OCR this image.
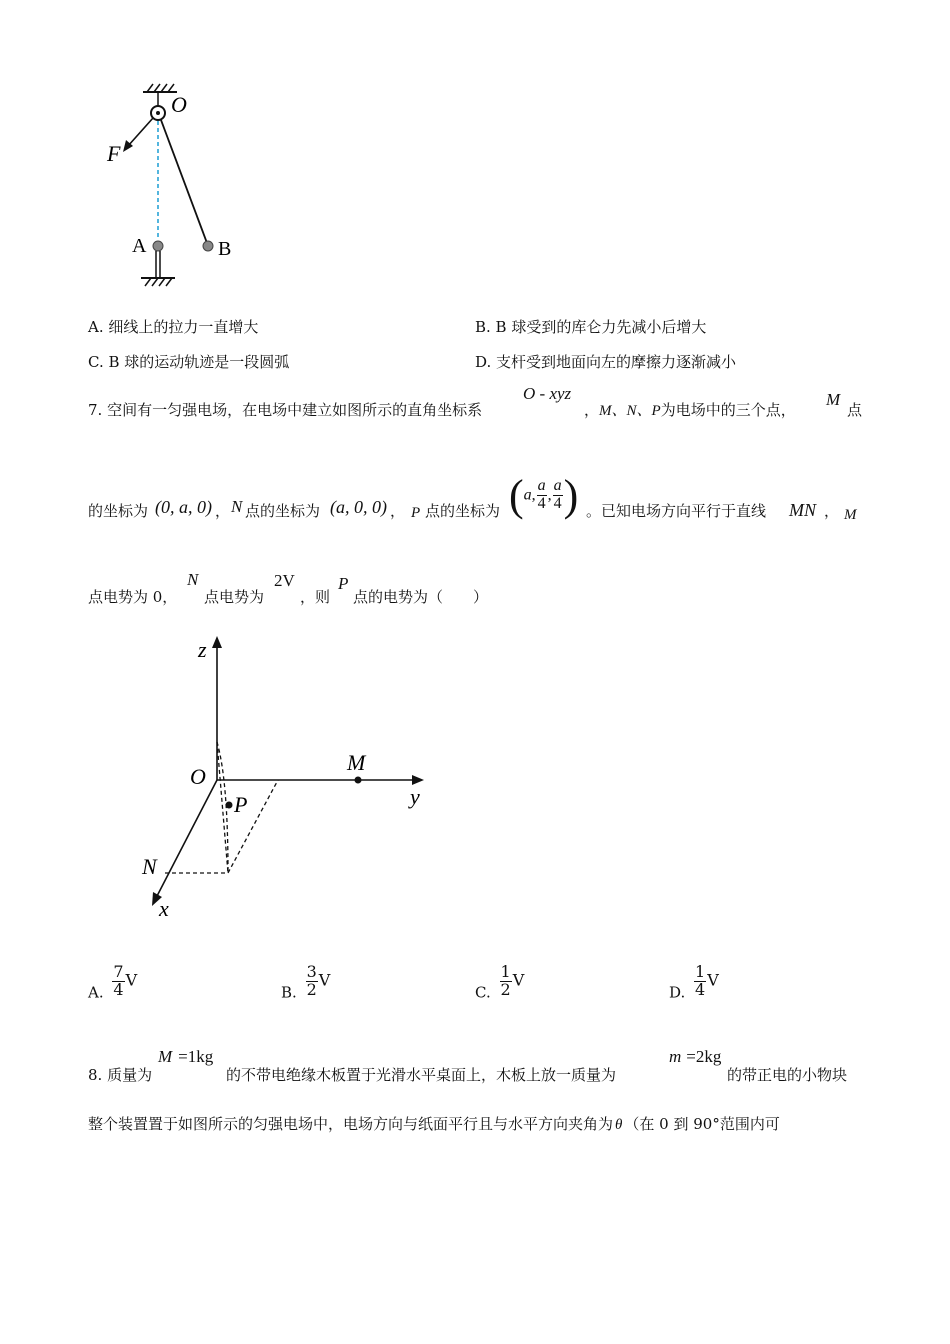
O
F
A	B
A. 细线上的拉力一直增大	B. B 球受到的库仑力先减小后增大
C. B 球的运动轨迹是一段圆弧	D. 支杆受到地面向左的摩擦力逐渐减小
7. 空间有一匀强电场，在电场中建立如图所示的直角坐标系
O - xyz
，M、N、P为电场中的三个点，
M
点
的坐标为 (0, a, 0) ， N 点的坐标为 (a, 0, 0) ， P 点的坐标为 (a, $\frac{a}{4}$ , $\frac{a}{4}$ ) 。已知电场方向平行于直线 MN ， M
点电势为 0，
N
点电势为
2V
，则
P
点的电势为（　　）
z
y
x
O
M
P
N
A. $\frac{7}{4}$ V
B. $\frac{3}{2}$ V
C. $\frac{1}{2}$ V
D. $\frac{1}{4}$ V
8. 质量为
M =1kg
的不带电绝缘木板置于光滑水平桌面上，木板上放一质量为
m =2kg
的带正电的小物块
整个装置置于如图所示的匀强电场中，电场方向与纸面平行且与水平方向夹角为 θ （在 0 到 90°范围内可
